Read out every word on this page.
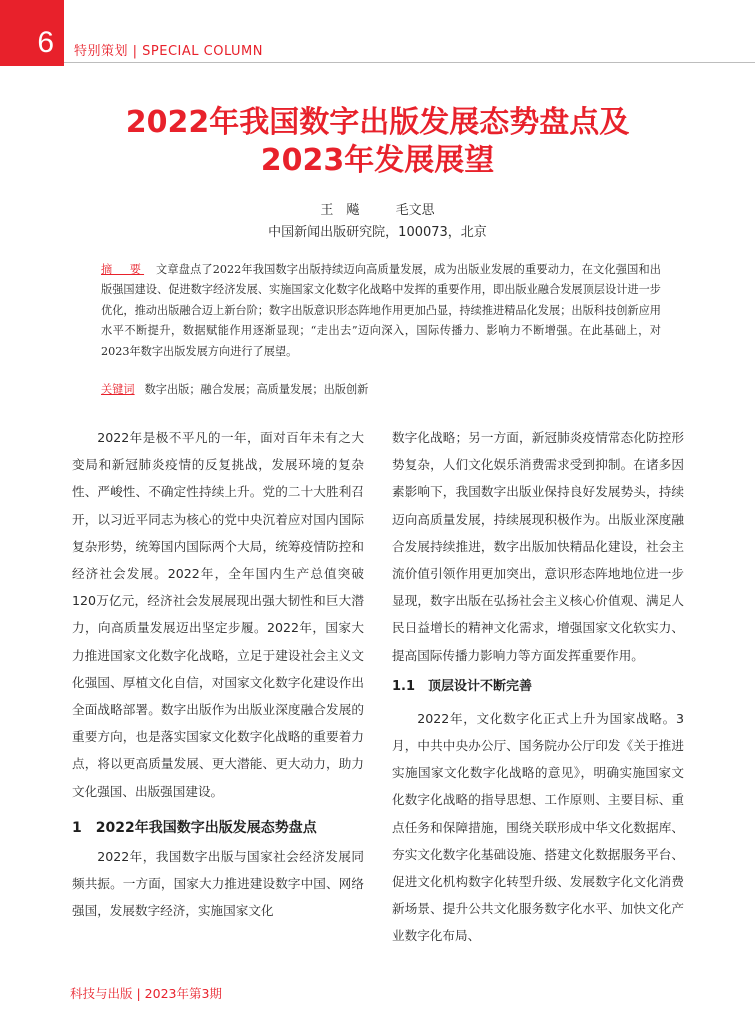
6 特别策划 | SPECIAL COLUMN
2022年我国数字出版发展态势盘点及
2023年发展展望
王　飚	毛文思
中国新闻出版研究院，100073，北京

摘　要 文章盘点了2022年我国数字出版持续迈向高质量发展，成为出版业发展的重要动力，在文化强国和出版强国建设、促进数字经济发展、实施国家文化数字化战略中发挥的重要作用，即出版业融合发展顶层设计进一步优化，推动出版融合迈上新台阶；数字出版意识形态阵地作用更加凸显，持续推进精品化发展；出版科技创新应用水平不断提升，数据赋能作用逐渐显现；“走出去”迈向深入，国际传播力、影响力不断增强。在此基础上，对2023年数字出版发展方向进行了展望。

关键词 数字出版；融合发展；高质量发展；出版创新

2022年是极不平凡的一年，面对百年未有之大变局和新冠肺炎疫情的反复挑战，发展环境的复杂性、严峻性、不确定性持续上升。党的二十大胜利召开，以习近平同志为核心的党中央沉着应对国内国际复杂形势，统筹国内国际两个大局，统筹疫情防控和经济社会发展。2022年，全年国内生产总值突破120万亿元，经济社会发展展现出强大韧性和巨大潜力，向高质量发展迈出坚定步履。2022年，国家大力推进国家文化数字化战略，立足于建设社会主义文化强国、厚植文化自信，对国家文化数字化建设作出全面战略部署。数字出版作为出版业深度融合发展的重要方向，也是落实国家文化数字化战略的重要着力点，将以更高质量发展、更大潜能、更大动力，助力文化强国、出版强国建设。

1　2022年我国数字出版发展态势盘点

2022年，我国数字出版与国家社会经济发展同频共振。一方面，国家大力推进建设数字中国、网络强国，发展数字经济，实施国家文化

数字化战略；另一方面，新冠肺炎疫情常态化防控形势复杂，人们文化娱乐消费需求受到抑制。在诸多因素影响下，我国数字出版业保持良好发展势头，持续迈向高质量发展，持续展现积极作为。出版业深度融合发展持续推进，数字出版加快精品化建设，社会主流价值引领作用更加突出，意识形态阵地地位进一步显现，数字出版在弘扬社会主义核心价值观、满足人民日益增长的精神文化需求，增强国家文化软实力、提高国际传播力影响力等方面发挥重要作用。

1.1　顶层设计不断完善

2022年，文化数字化正式上升为国家战略。3月，中共中央办公厅、国务院办公厅印发《关于推进实施国家文化数字化战略的意见》，明确实施国家文化数字化战略的指导思想、工作原则、主要目标、重点任务和保障措施，围绕关联形成中华文化数据库、夯实文化数字化基础设施、搭建文化数据服务平台、促进文化机构数字化转型升级、发展数字化文化消费新场景、提升公共文化服务数字化水平、加快文化产业数字化布局、

科技与出版 | 2023年第3期
